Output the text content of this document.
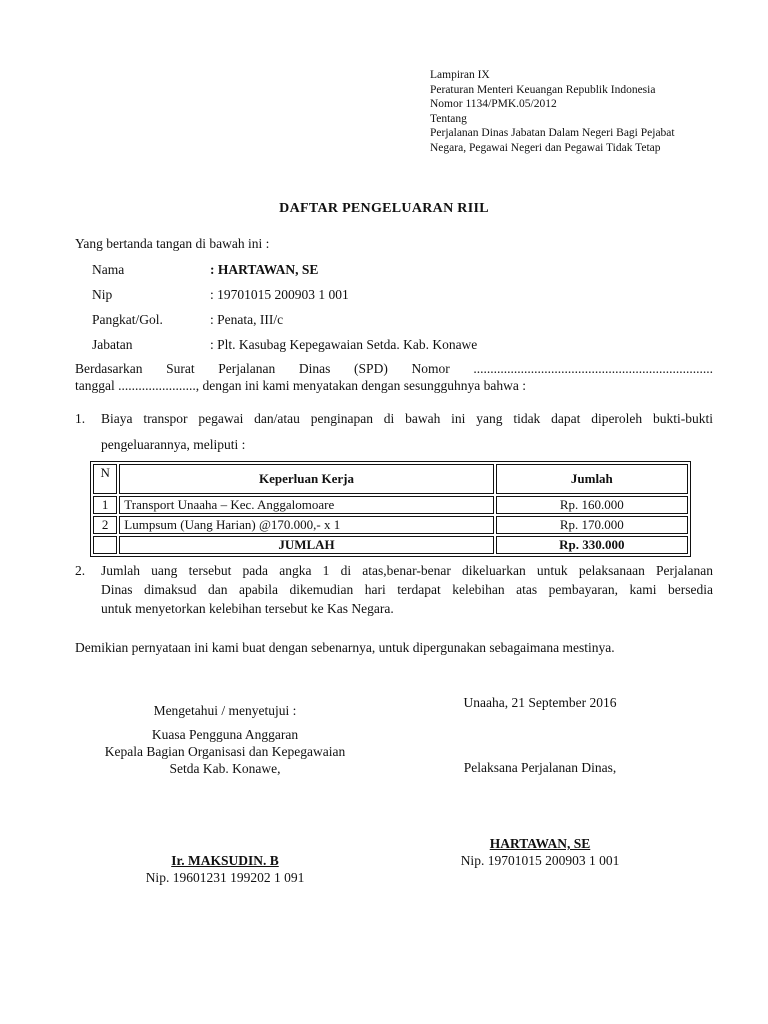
Lampiran IX
Peraturan Menteri Keuangan Republik Indonesia
Nomor 1134/PMK.05/2012
Tentang
Perjalanan Dinas Jabatan Dalam Negeri Bagi Pejabat
Negara, Pegawai Negeri dan Pegawai Tidak Tetap
DAFTAR PENGELUARAN RIIL
Yang bertanda tangan di bawah ini :
Nama	: HARTAWAN, SE
Nip	: 19701015 200903 1 001
Pangkat/Gol.	: Penata, III/c
Jabatan	: Plt. Kasubag Kepegawaian Setda. Kab. Konawe
Berdasarkan Surat Perjalanan Dinas (SPD) Nomor .......................................................................
tanggal ......................., dengan ini kami menyatakan dengan sesungguhnya bahwa :
1. Biaya transpor pegawai dan/atau penginapan di bawah ini yang tidak dapat diperoleh bukti-bukti
pengeluarannya, meliputi :
N	Keperluan Kerja	Jumlah
1	Transport Unaaha – Kec. Anggalomoare	Rp. 160.000
2	Lumpsum (Uang Harian) @170.000,- x 1	Rp. 170.000
	JUMLAH	Rp. 330.000
2. Jumlah uang tersebut pada angka 1 di atas,benar-benar dikeluarkan untuk pelaksanaan Perjalanan
Dinas dimaksud dan apabila dikemudian hari terdapat kelebihan atas pembayaran, kami bersedia
untuk menyetorkan kelebihan tersebut ke Kas Negara.
Demikian pernyataan ini kami buat dengan sebenarnya, untuk dipergunakan sebagaimana mestinya.
Mengetahui / menyetujui :
Kuasa Pengguna Anggaran
Kepala Bagian Organisasi dan Kepegawaian
Setda Kab. Konawe,
Ir. MAKSUDIN. B
Nip. 19601231 199202 1 091
Unaaha, 21 September 2016
Pelaksana Perjalanan Dinas,
HARTAWAN, SE
Nip. 19701015 200903 1 001
